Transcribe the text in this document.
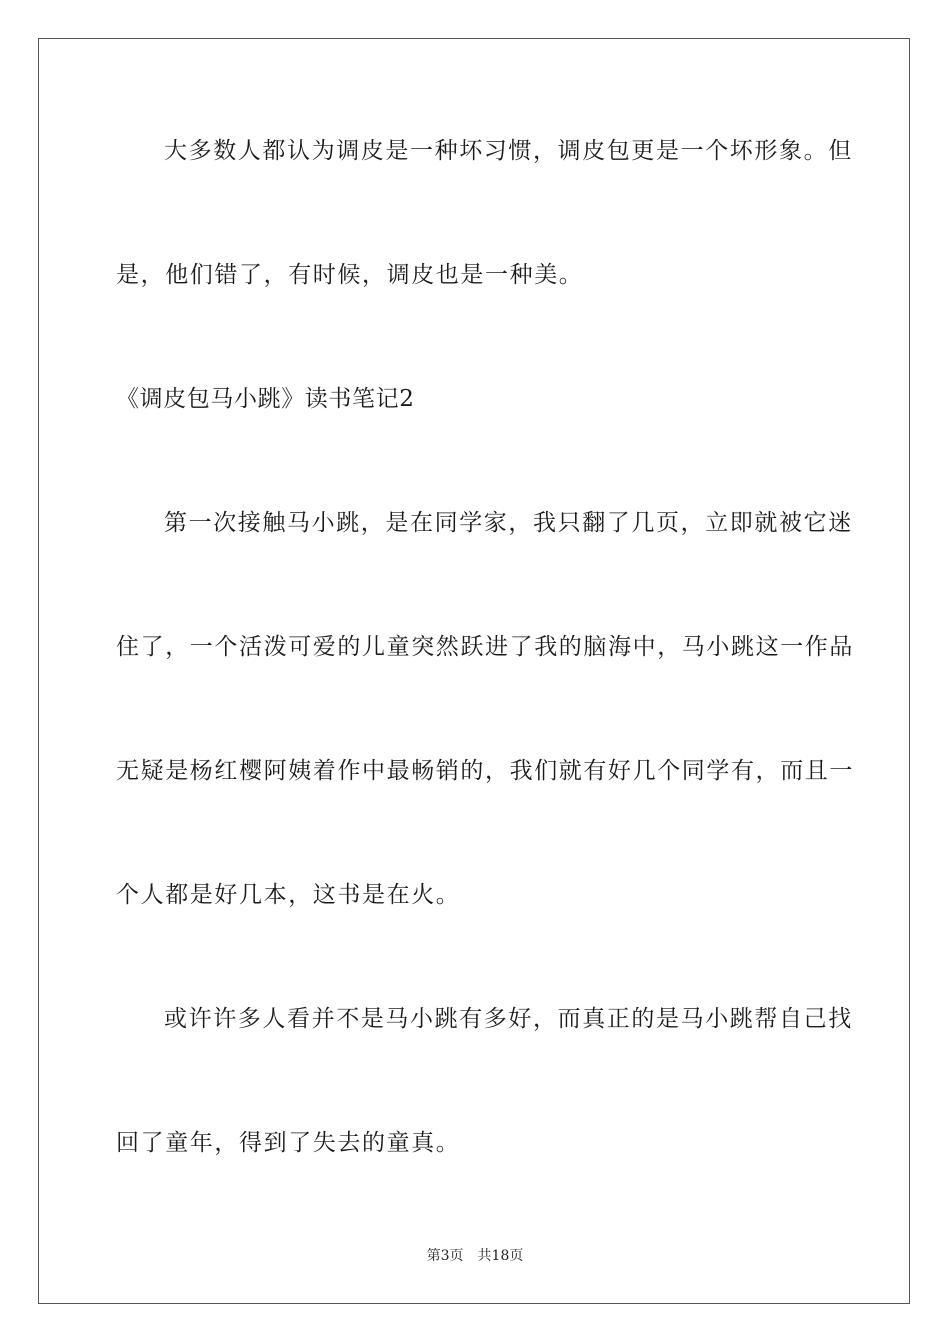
大多数人都认为调皮是一种坏习惯，调皮包更是一个坏形象。但
是，他们错了，有时候，调皮也是一种美。
《调皮包马小跳》读书笔记2
第一次接触马小跳，是在同学家，我只翻了几页，立即就被它迷
住了，一个活泼可爱的儿童突然跃进了我的脑海中，马小跳这一作品
无疑是杨红樱阿姨着作中最畅销的，我们就有好几个同学有，而且一
个人都是好几本，这书是在火。
或许许多人看并不是马小跳有多好，而真正的是马小跳帮自己找
回了童年，得到了失去的童真。
第3页 共18页
